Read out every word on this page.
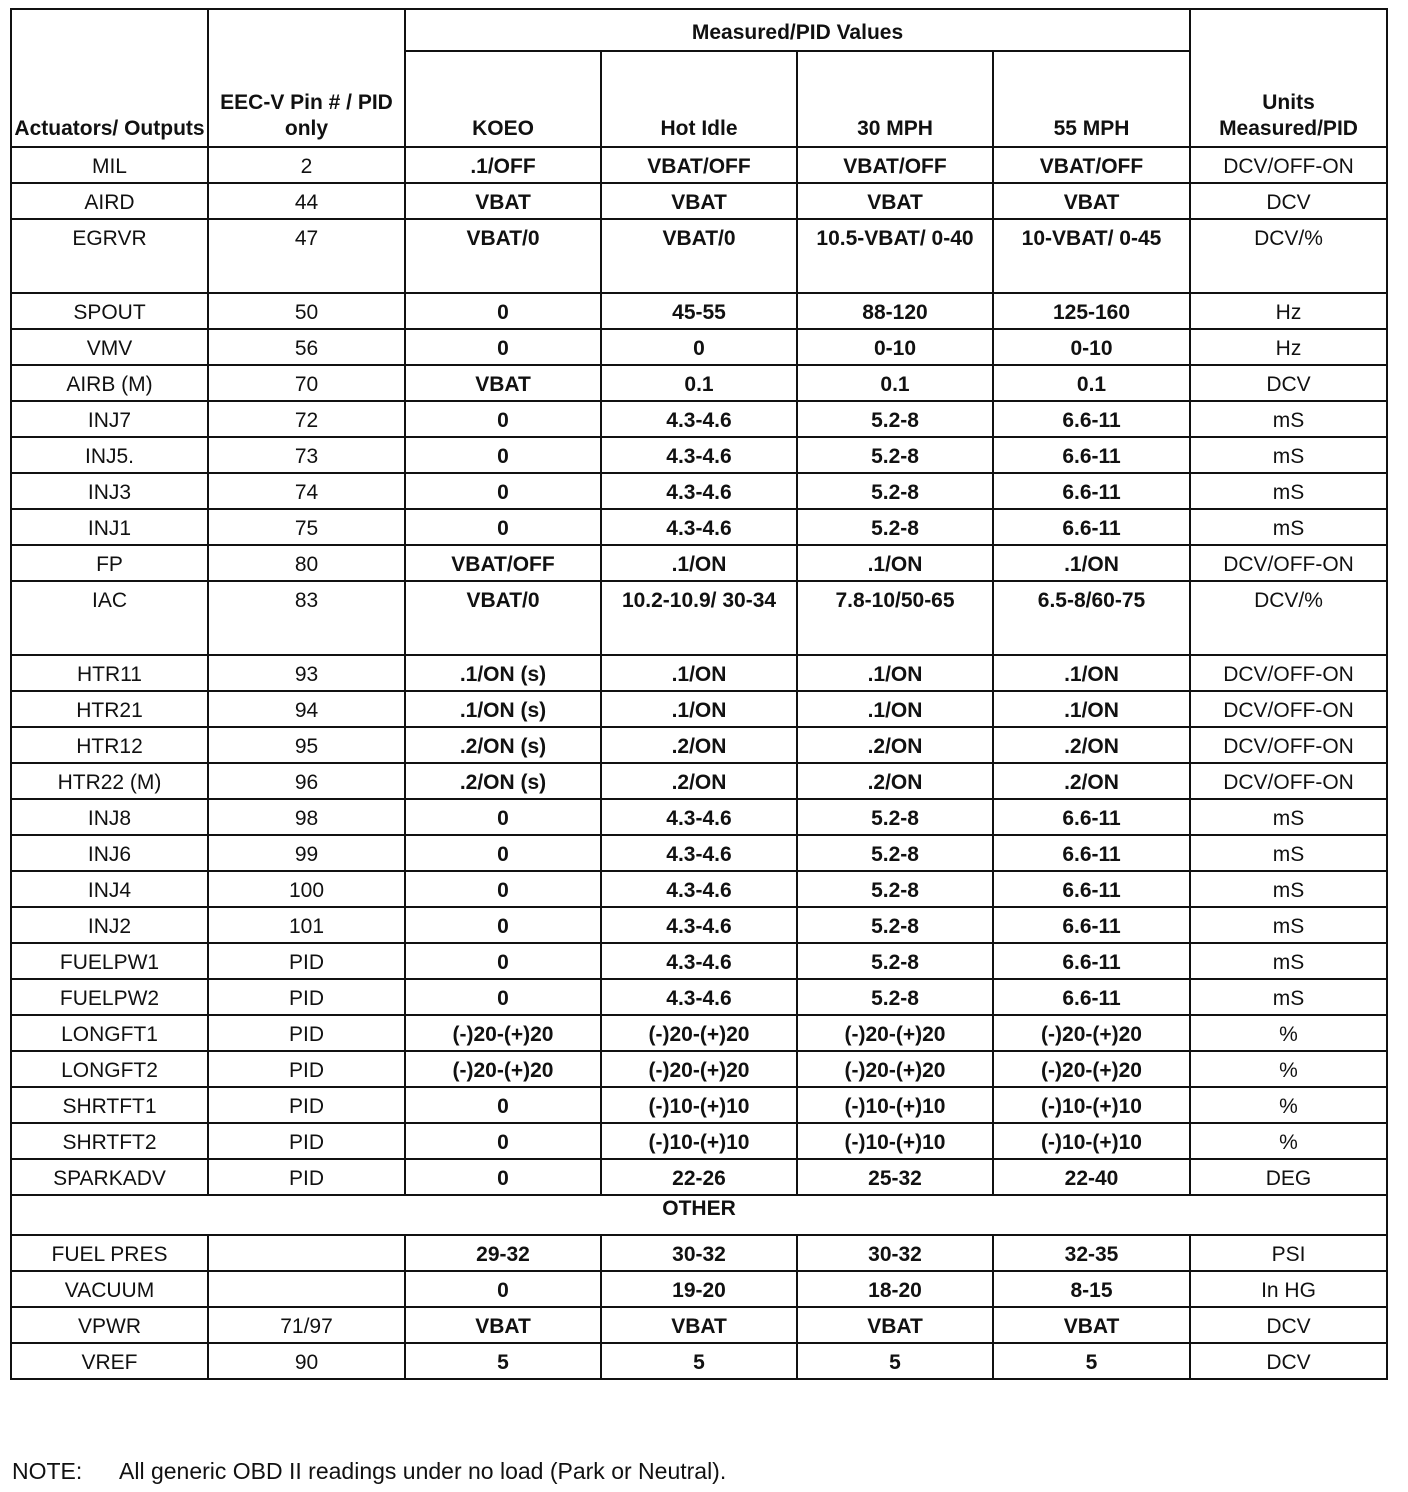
Actuators/ Outputs	EEC-V Pin # / PID only	Measured/PID Values				Units Measured/PID
		KOEO	Hot Idle	30 MPH	55 MPH	
MIL	2	.1/OFF	VBAT/OFF	VBAT/OFF	VBAT/OFF	DCV/OFF-ON
AIRD	44	VBAT	VBAT	VBAT	VBAT	DCV
EGRVR	47	VBAT/0	VBAT/0	10.5-VBAT/ 0-40	10-VBAT/ 0-45	DCV/%
SPOUT	50	0	45-55	88-120	125-160	Hz
VMV	56	0	0	0-10	0-10	Hz
AIRB (M)	70	VBAT	0.1	0.1	0.1	DCV
INJ7	72	0	4.3-4.6	5.2-8	6.6-11	mS
INJ5.	73	0	4.3-4.6	5.2-8	6.6-11	mS
INJ3	74	0	4.3-4.6	5.2-8	6.6-11	mS
INJ1	75	0	4.3-4.6	5.2-8	6.6-11	mS
FP	80	VBAT/OFF	.1/ON	.1/ON	.1/ON	DCV/OFF-ON
IAC	83	VBAT/0	10.2-10.9/ 30-34	7.8-10/50-65	6.5-8/60-75	DCV/%
HTR11	93	.1/ON (s)	.1/ON	.1/ON	.1/ON	DCV/OFF-ON
HTR21	94	.1/ON (s)	.1/ON	.1/ON	.1/ON	DCV/OFF-ON
HTR12	95	.2/ON (s)	.2/ON	.2/ON	.2/ON	DCV/OFF-ON
HTR22 (M)	96	.2/ON (s)	.2/ON	.2/ON	.2/ON	DCV/OFF-ON
INJ8	98	0	4.3-4.6	5.2-8	6.6-11	mS
INJ6	99	0	4.3-4.6	5.2-8	6.6-11	mS
INJ4	100	0	4.3-4.6	5.2-8	6.6-11	mS
INJ2	101	0	4.3-4.6	5.2-8	6.6-11	mS
FUELPW1	PID	0	4.3-4.6	5.2-8	6.6-11	mS
FUELPW2	PID	0	4.3-4.6	5.2-8	6.6-11	mS
LONGFT1	PID	(-)20-(+)20	(-)20-(+)20	(-)20-(+)20	(-)20-(+)20	%
LONGFT2	PID	(-)20-(+)20	(-)20-(+)20	(-)20-(+)20	(-)20-(+)20	%
SHRTFT1	PID	0	(-)10-(+)10	(-)10-(+)10	(-)10-(+)10	%
SHRTFT2	PID	0	(-)10-(+)10	(-)10-(+)10	(-)10-(+)10	%
SPARKADV	PID	0	22-26	25-32	22-40	DEG
OTHER						
FUEL PRES		29-32	30-32	30-32	32-35	PSI
VACUUM		0	19-20	18-20	8-15	In HG
VPWR	71/97	VBAT	VBAT	VBAT	VBAT	DCV
VREF	90	5	5	5	5	DCV
NOTE: All generic OBD II readings under no load (Park or Neutral).
